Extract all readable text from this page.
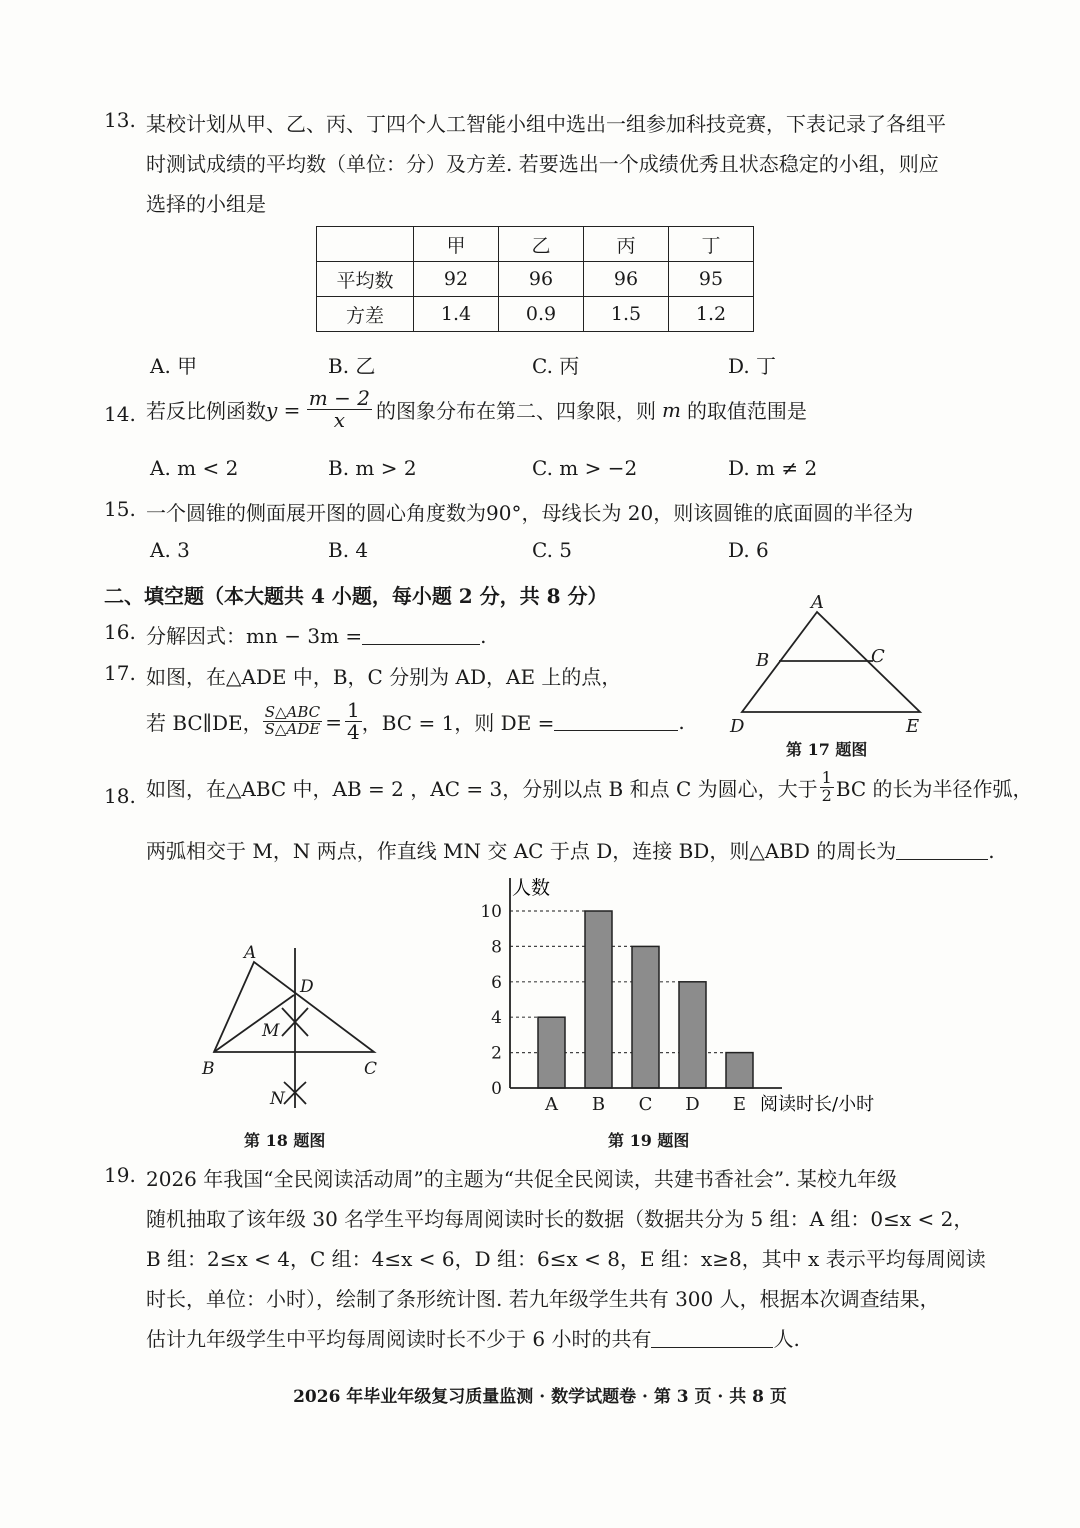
13. 某校计划从甲、乙、丙、丁四个人工智能小组中选出一组参加科技竞赛，下表记录了各组平
时测试成绩的平均数（单位：分）及方差. 若要选出一个成绩优秀且状态稳定的小组，则应
选择的小组是
	甲	乙	丙	丁
平均数	92	96	96	95
方差	1.4	0.9	1.5	1.2
A. 甲	B. 乙	C. 丙	D. 丁
14. 若反比例函数 $y = \frac{m - 2}{x}$ 的图象分布在第二、四象限，则 m 的取值范围是
A. m < 2	B. m > 2	C. m > −2	D. m ≠ 2
15. 一个圆锥的侧面展开图的圆心角度数为90°，母线长为 20，则该圆锥的底面圆的半径为
A. 3	B. 4	C. 5	D. 6
二、填空题（本大题共 4 小题，每小题 2 分，共 8 分）
16. 分解因式：mn − 3m =	.
17. 如图，在△ADE 中，B，C 分别为 AD，AE 上的点，
若 BC∥DE， $\frac{\text{S△ABC}}{\text{S△ADE}} = \frac{1}{4}$ ，BC = 1，则 DE =	.
A
B	C
D	E
第 17 题图
18. 如图，在△ABC 中，AB = 2 ，AC = 3，分别以点 B 和点 C 为圆心，大于 $\frac{1}{2}$ BC 的长为半径作弧，
两弧相交于 M，N 两点，作直线 MN 交 AC 于点 D，连接 BD，则△ABD 的周长为	.
A
D
M
B	C
N
第 18 题图
0
2
4
6
8
10
A B C D E
人数
阅读时长/小时
第 19 题图
19. 2026 年我国“全民阅读活动周”的主题为“共促全民阅读，共建书香社会”. 某校九年级
随机抽取了该年级 30 名学生平均每周阅读时长的数据（数据共分为 5 组：A 组：0≤x < 2，
B 组：2≤x < 4，C 组：4≤x < 6，D 组：6≤x < 8，E 组：x≥8，其中 x 表示平均每周阅读
时长，单位：小时），绘制了条形统计图. 若九年级学生共有 300 人，根据本次调查结果，
估计九年级学生中平均每周阅读时长不少于 6 小时的共有	人.
2026 年毕业年级复习质量监测 · 数学试题卷 · 第 3 页 · 共 8 页
